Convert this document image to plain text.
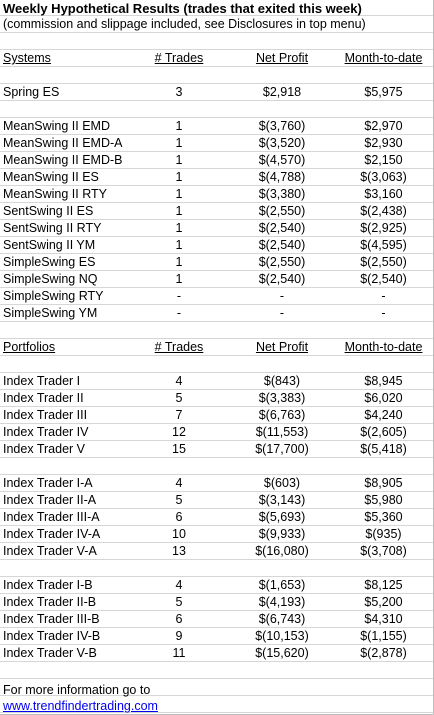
Weekly Hypothetical Results (trades that exited this week)
(commission and slippage included, see Disclosures in top menu)
Systems	# Trades	Net Profit	Month-to-date
Spring ES	3	$2,918	$5,975
MeanSwing II EMD	1	$(3,760)	$2,970
MeanSwing II EMD-A	1	$(3,520)	$2,930
MeanSwing II EMD-B	1	$(4,570)	$2,150
MeanSwing II ES	1	$(4,788)	$(3,063)
MeanSwing II RTY	1	$(3,380)	$3,160
SentSwing II ES	1	$(2,550)	$(2,438)
SentSwing II RTY	1	$(2,540)	$(2,925)
SentSwing II YM	1	$(2,540)	$(4,595)
SimpleSwing ES	1	$(2,550)	$(2,550)
SimpleSwing NQ	1	$(2,540)	$(2,540)
SimpleSwing RTY	-	-	-
SimpleSwing YM	-	-	-
Portfolios	# Trades	Net Profit	Month-to-date
Index Trader I	4	$(843)	$8,945
Index Trader II	5	$(3,383)	$6,020
Index Trader III	7	$(6,763)	$4,240
Index Trader IV	12	$(11,553)	$(2,605)
Index Trader V	15	$(17,700)	$(5,418)
Index Trader I-A	4	$(603)	$8,905
Index Trader II-A	5	$(3,143)	$5,980
Index Trader III-A	6	$(5,693)	$5,360
Index Trader IV-A	10	$(9,933)	$(935)
Index Trader V-A	13	$(16,080)	$(3,708)
Index Trader I-B	4	$(1,653)	$8,125
Index Trader II-B	5	$(4,193)	$5,200
Index Trader III-B	6	$(6,743)	$4,310
Index Trader IV-B	9	$(10,153)	$(1,155)
Index Trader V-B	11	$(15,620)	$(2,878)
For more information go to
www.trendfindertrading.com
